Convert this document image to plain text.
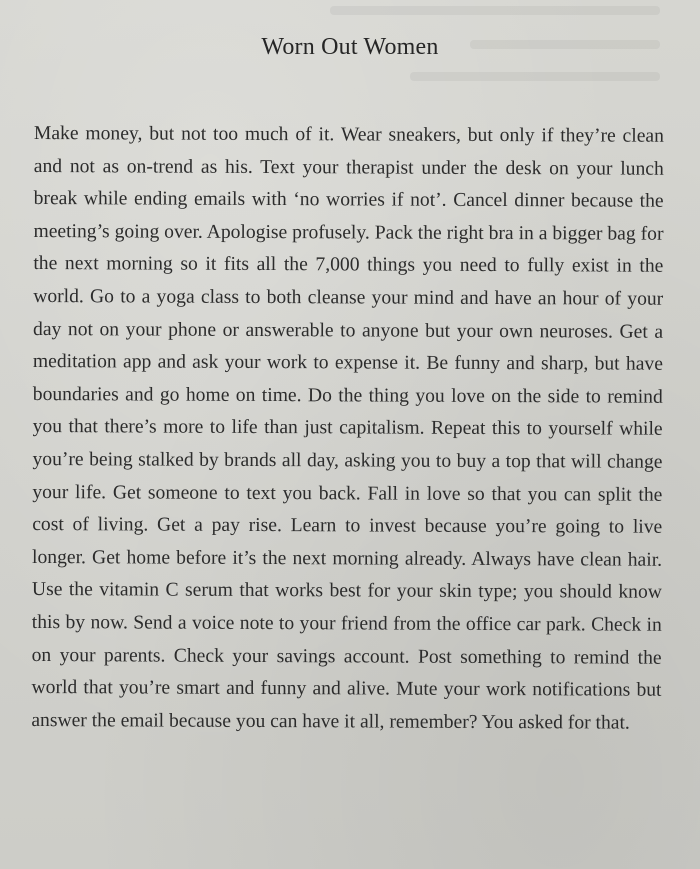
Worn Out Women

Make money, but not too much of it. Wear sneakers, but only if they’re clean and not as on-trend as his. Text your therapist under the desk on your lunch break while ending emails with ‘no worries if not’. Cancel dinner because the meeting’s going over. Apologise profusely. Pack the right bra in a bigger bag for the next morning so it fits all the 7,000 things you need to fully exist in the world. Go to a yoga class to both cleanse your mind and have an hour of your day not on your phone or answerable to anyone but your own neuroses. Get a meditation app and ask your work to expense it. Be funny and sharp, but have boundaries and go home on time. Do the thing you love on the side to remind you that there’s more to life than just capitalism. Repeat this to yourself while you’re being stalked by brands all day, asking you to buy a top that will change your life. Get someone to text you back. Fall in love so that you can split the cost of living. Get a pay rise. Learn to invest because you’re going to live longer. Get home before it’s the next morning already. Always have clean hair. Use the vitamin C serum that works best for your skin type; you should know this by now. Send a voice note to your friend from the office car park. Check in on your parents. Check your savings account. Post something to remind the world that you’re smart and funny and alive. Mute your work notifications but answer the email because you can have it all, remember? You asked for that.
